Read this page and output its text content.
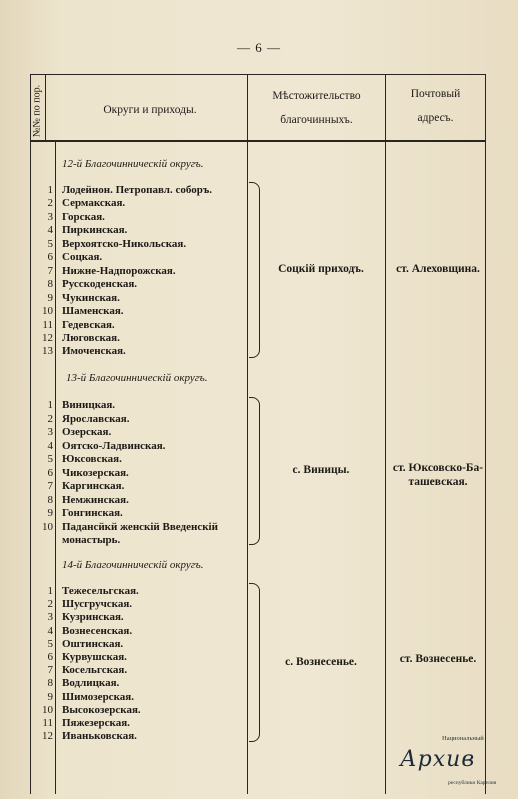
— 6 —
№№ по пор.	Округи и приходы.
Мѣстожительство
благочинныхъ.
Почтовый
адресъ.
12-й Благочинническій округъ.
1 Лодейнон. Петропавл. соборъ.
2 Сермакская.
3 Горская.
4 Пиркинская.
5 Верхоятско-Никольская.
6 Соцкая.
7 Нижне-Надпорожская.
8 Русскоденская.
9 Чукинская.
10 Шаменская.
11 Гедевская.
12 Люговская.
13 Имоченская.
Соцкій приходъ.	ст. Алеховщина.
13-й Благочинническій округъ.
1 Виницкая.
2 Ярославская.
3 Озерская.
4 Оятско-Ладвинская.
5 Юксовская.
6 Чикозерская.
7 Каргинская.
8 Немжинская.
9 Гонгинская.
10 Падансйкй женскій Введенскій
монастырь.
с. Виницы.	ст. Юксовско-Ба-
ташевская.
14-й Благочинническій округъ.
1 Тежесельгская.
2 Шусгручская.
3 Кузринская.
4 Вознесенская.
5 Оштинская.
6 Курвушская.
7 Косельгская.
8 Водлицкая.
9 Шимозерская.
10 Высокозерская.
11 Пяжезерская.
12 Иваньковская.
с. Вознесенье.	ст. Вознесенье.
Национальный
Архив
республики Карелия
